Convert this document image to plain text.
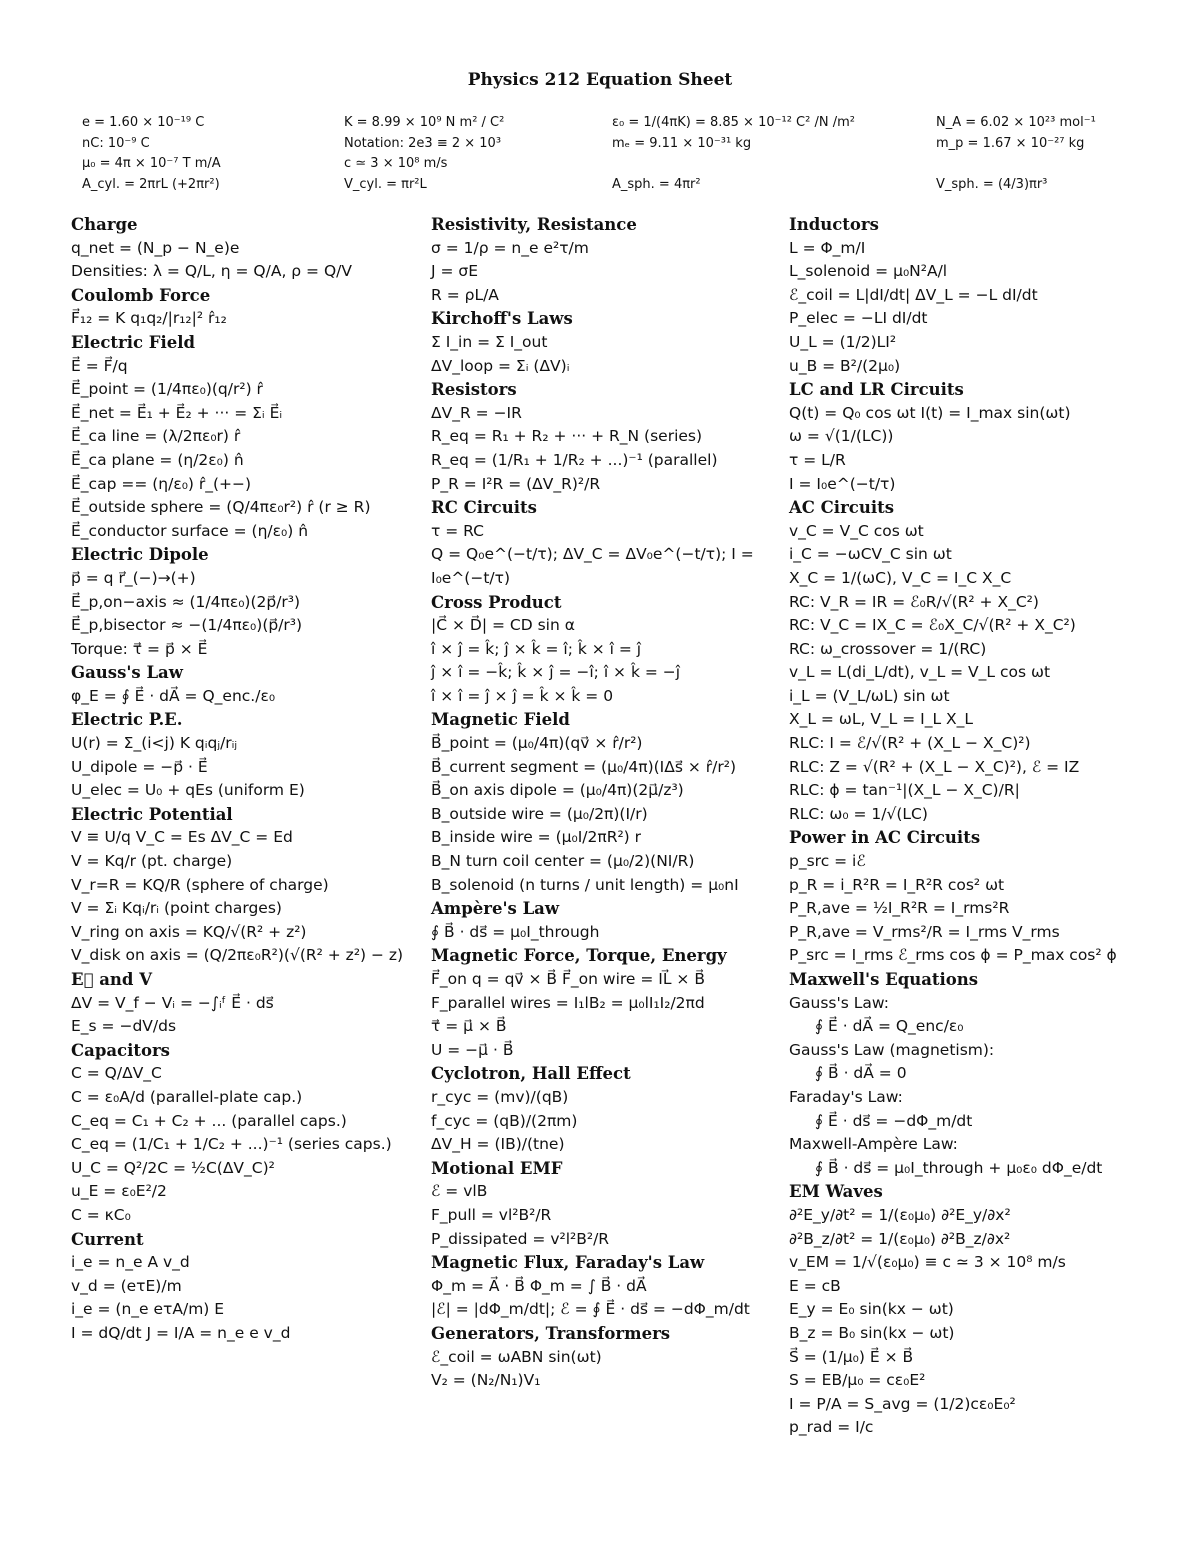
Physics 212 Equation Sheet
e = 1.60 × 10⁻¹⁹ C	K = 8.99 × 10⁹ N m² / C²	ε₀ = 1/(4πK) = 8.85 × 10⁻¹² C² /N /m²	N_A = 6.02 × 10²³ mol⁻¹
nC: 10⁻⁹ C	Notation: 2e3 ≡ 2 × 10³	mₑ = 9.11 × 10⁻³¹ kg	m_p = 1.67 × 10⁻²⁷ kg
μ₀ = 4π × 10⁻⁷ T m/A	c ≃ 3 × 10⁸ m/s
A_cyl. = 2πrL (+2πr²)	V_cyl. = πr²L	A_sph. = 4πr²	V_sph. = (4/3)πr³
Charge
q_net = (N_p − N_e)e
Densities: λ = Q/L, η = Q/A, ρ = Q/V
Coulomb Force
F⃗₁₂ = K q₁q₂/|r₁₂|² r̂₁₂
Electric Field
E⃗ = F⃗/q
E⃗_point = (1/4πε₀)(q/r²) r̂
E⃗_net = E⃗₁ + E⃗₂ + ··· = Σᵢ E⃗ᵢ
E⃗_ca line = (λ/2πε₀r) r̂
E⃗_ca plane = (η/2ε₀) n̂
E⃗_cap == (η/ε₀) r̂_(+−)
E⃗_outside sphere = (Q/4πε₀r²) r̂ (r ≥ R)
E⃗_conductor surface = (η/ε₀) n̂
Electric Dipole
p⃗ = q r⃗_(−)→(+)
E⃗_p,on−axis ≈ (1/4πε₀)(2p⃗/r³)
E⃗_p,bisector ≈ −(1/4πε₀)(p⃗/r³)
Torque: τ⃗ = p⃗ × E⃗
Gauss's Law
φ_E = ∮ E⃗ · dA⃗ = Q_enc./ε₀
Electric P.E.
U(r) = Σ_(i<j) K qᵢqⱼ/rᵢⱼ
U_dipole = −p⃗ · E⃗
U_elec = U₀ + qEs (uniform E)
Electric Potential
V ≡ U/q V_C = Es ΔV_C = Ed
V = Kq/r (pt. charge)
V_r=R = KQ/R (sphere of charge)
V = Σᵢ Kqᵢ/rᵢ (point charges)
V_ring on axis = KQ/√(R² + z²)
V_disk on axis = (Q/2πε₀R²)(√(R² + z²) − z)
E⃗ and V
ΔV = V_f − Vᵢ = −∫ᵢᶠ E⃗ · ds⃗
E_s = −dV/ds
Capacitors
C = Q/ΔV_C
C = ε₀A/d (parallel-plate cap.)
C_eq = C₁ + C₂ + ... (parallel caps.)
C_eq = (1/C₁ + 1/C₂ + ...)⁻¹ (series caps.)
U_C = Q²/2C = ½C(ΔV_C)²
u_E = ε₀E²/2
C = κC₀
Current
i_e = n_e A v_d
v_d = (eτE)/m
i_e = (n_e eτA/m) E
I = dQ/dt J = I/A = n_e e v_d
Resistivity, Resistance
σ = 1/ρ = n_e e²τ/m
J = σE
R = ρL/A
Kirchoff's Laws
Σ I_in = Σ I_out
ΔV_loop = Σᵢ (ΔV)ᵢ
Resistors
ΔV_R = −IR
R_eq = R₁ + R₂ + ··· + R_N (series)
R_eq = (1/R₁ + 1/R₂ + ...)⁻¹ (parallel)
P_R = I²R = (ΔV_R)²/R
RC Circuits
τ = RC
Q = Q₀e^(−t/τ); ΔV_C = ΔV₀e^(−t/τ); I =
I₀e^(−t/τ)
Cross Product
|C⃗ × D⃗| = CD sin α
î × ĵ = k̂; ĵ × k̂ = î; k̂ × î = ĵ
ĵ × î = −k̂; k̂ × ĵ = −î; î × k̂ = −ĵ
î × î = ĵ × ĵ = k̂ × k̂ = 0
Magnetic Field
B⃗_point = (μ₀/4π)(qv⃗ × r̂/r²)
B⃗_current segment = (μ₀/4π)(IΔs⃗ × r̂/r²)
B⃗_on axis dipole = (μ₀/4π)(2μ⃗/z³)
B_outside wire = (μ₀/2π)(I/r)
B_inside wire = (μ₀I/2πR²) r
B_N turn coil center = (μ₀/2)(NI/R)
B_solenoid (n turns / unit length) = μ₀nI
Ampère's Law
∮ B⃗ · ds⃗ = μ₀I_through
Magnetic Force, Torque, Energy
F⃗_on q = qv⃗ × B⃗ F⃗_on wire = IL⃗ × B⃗
F_parallel wires = I₁lB₂ = μ₀lI₁I₂/2πd
τ⃗ = μ⃗ × B⃗
U = −μ⃗ · B⃗
Cyclotron, Hall Effect
r_cyc = (mv)/(qB)
f_cyc = (qB)/(2πm)
ΔV_H = (IB)/(tne)
Motional EMF
ℰ = vlB
F_pull = vl²B²/R
P_dissipated = v²l²B²/R
Magnetic Flux, Faraday's Law
Φ_m = A⃗ · B⃗ Φ_m = ∫ B⃗ · dA⃗
|ℰ| = |dΦ_m/dt|; ℰ = ∮ E⃗ · ds⃗ = −dΦ_m/dt
Generators, Transformers
ℰ_coil = ωABN sin(ωt)
V₂ = (N₂/N₁)V₁
Inductors
L = Φ_m/I
L_solenoid = μ₀N²A/l
ℰ_coil = L|dI/dt| ΔV_L = −L dI/dt
P_elec = −LI dI/dt
U_L = (1/2)LI²
u_B = B²/(2μ₀)
LC and LR Circuits
Q(t) = Q₀ cos ωt I(t) = I_max sin(ωt)
ω = √(1/(LC))
τ = L/R
I = I₀e^(−t/τ)
AC Circuits
v_C = V_C cos ωt
i_C = −ωCV_C sin ωt
X_C = 1/(ωC), V_C = I_C X_C
RC: V_R = IR = ℰ₀R/√(R² + X_C²)
RC: V_C = IX_C = ℰ₀X_C/√(R² + X_C²)
RC: ω_crossover = 1/(RC)
v_L = L(di_L/dt), v_L = V_L cos ωt
i_L = (V_L/ωL) sin ωt
X_L = ωL, V_L = I_L X_L
RLC: I = ℰ/√(R² + (X_L − X_C)²)
RLC: Z = √(R² + (X_L − X_C)²), ℰ = IZ
RLC: ϕ = tan⁻¹|(X_L − X_C)/R|
RLC: ω₀ = 1/√(LC)
Power in AC Circuits
p_src = iℰ
p_R = i_R²R = I_R²R cos² ωt
P_R,ave = ½I_R²R = I_rms²R
P_R,ave = V_rms²/R = I_rms V_rms
P_src = I_rms ℰ_rms cos ϕ = P_max cos² ϕ
Maxwell's Equations
Gauss's Law:
∮ E⃗ · dA⃗ = Q_enc/ε₀
Gauss's Law (magnetism):
∮ B⃗ · dA⃗ = 0
Faraday's Law:
∮ E⃗ · ds⃗ = −dΦ_m/dt
Maxwell-Ampère Law:
∮ B⃗ · ds⃗ = μ₀I_through + μ₀ε₀ dΦ_e/dt
EM Waves
∂²E_y/∂t² = 1/(ε₀μ₀) ∂²E_y/∂x²
∂²B_z/∂t² = 1/(ε₀μ₀) ∂²B_z/∂x²
v_EM = 1/√(ε₀μ₀) ≡ c ≃ 3 × 10⁸ m/s
E = cB
E_y = E₀ sin(kx − ωt)
B_z = B₀ sin(kx − ωt)
S⃗ = (1/μ₀) E⃗ × B⃗
S = EB/μ₀ = cε₀E²
I = P/A = S_avg = (1/2)cε₀E₀²
p_rad = I/c
